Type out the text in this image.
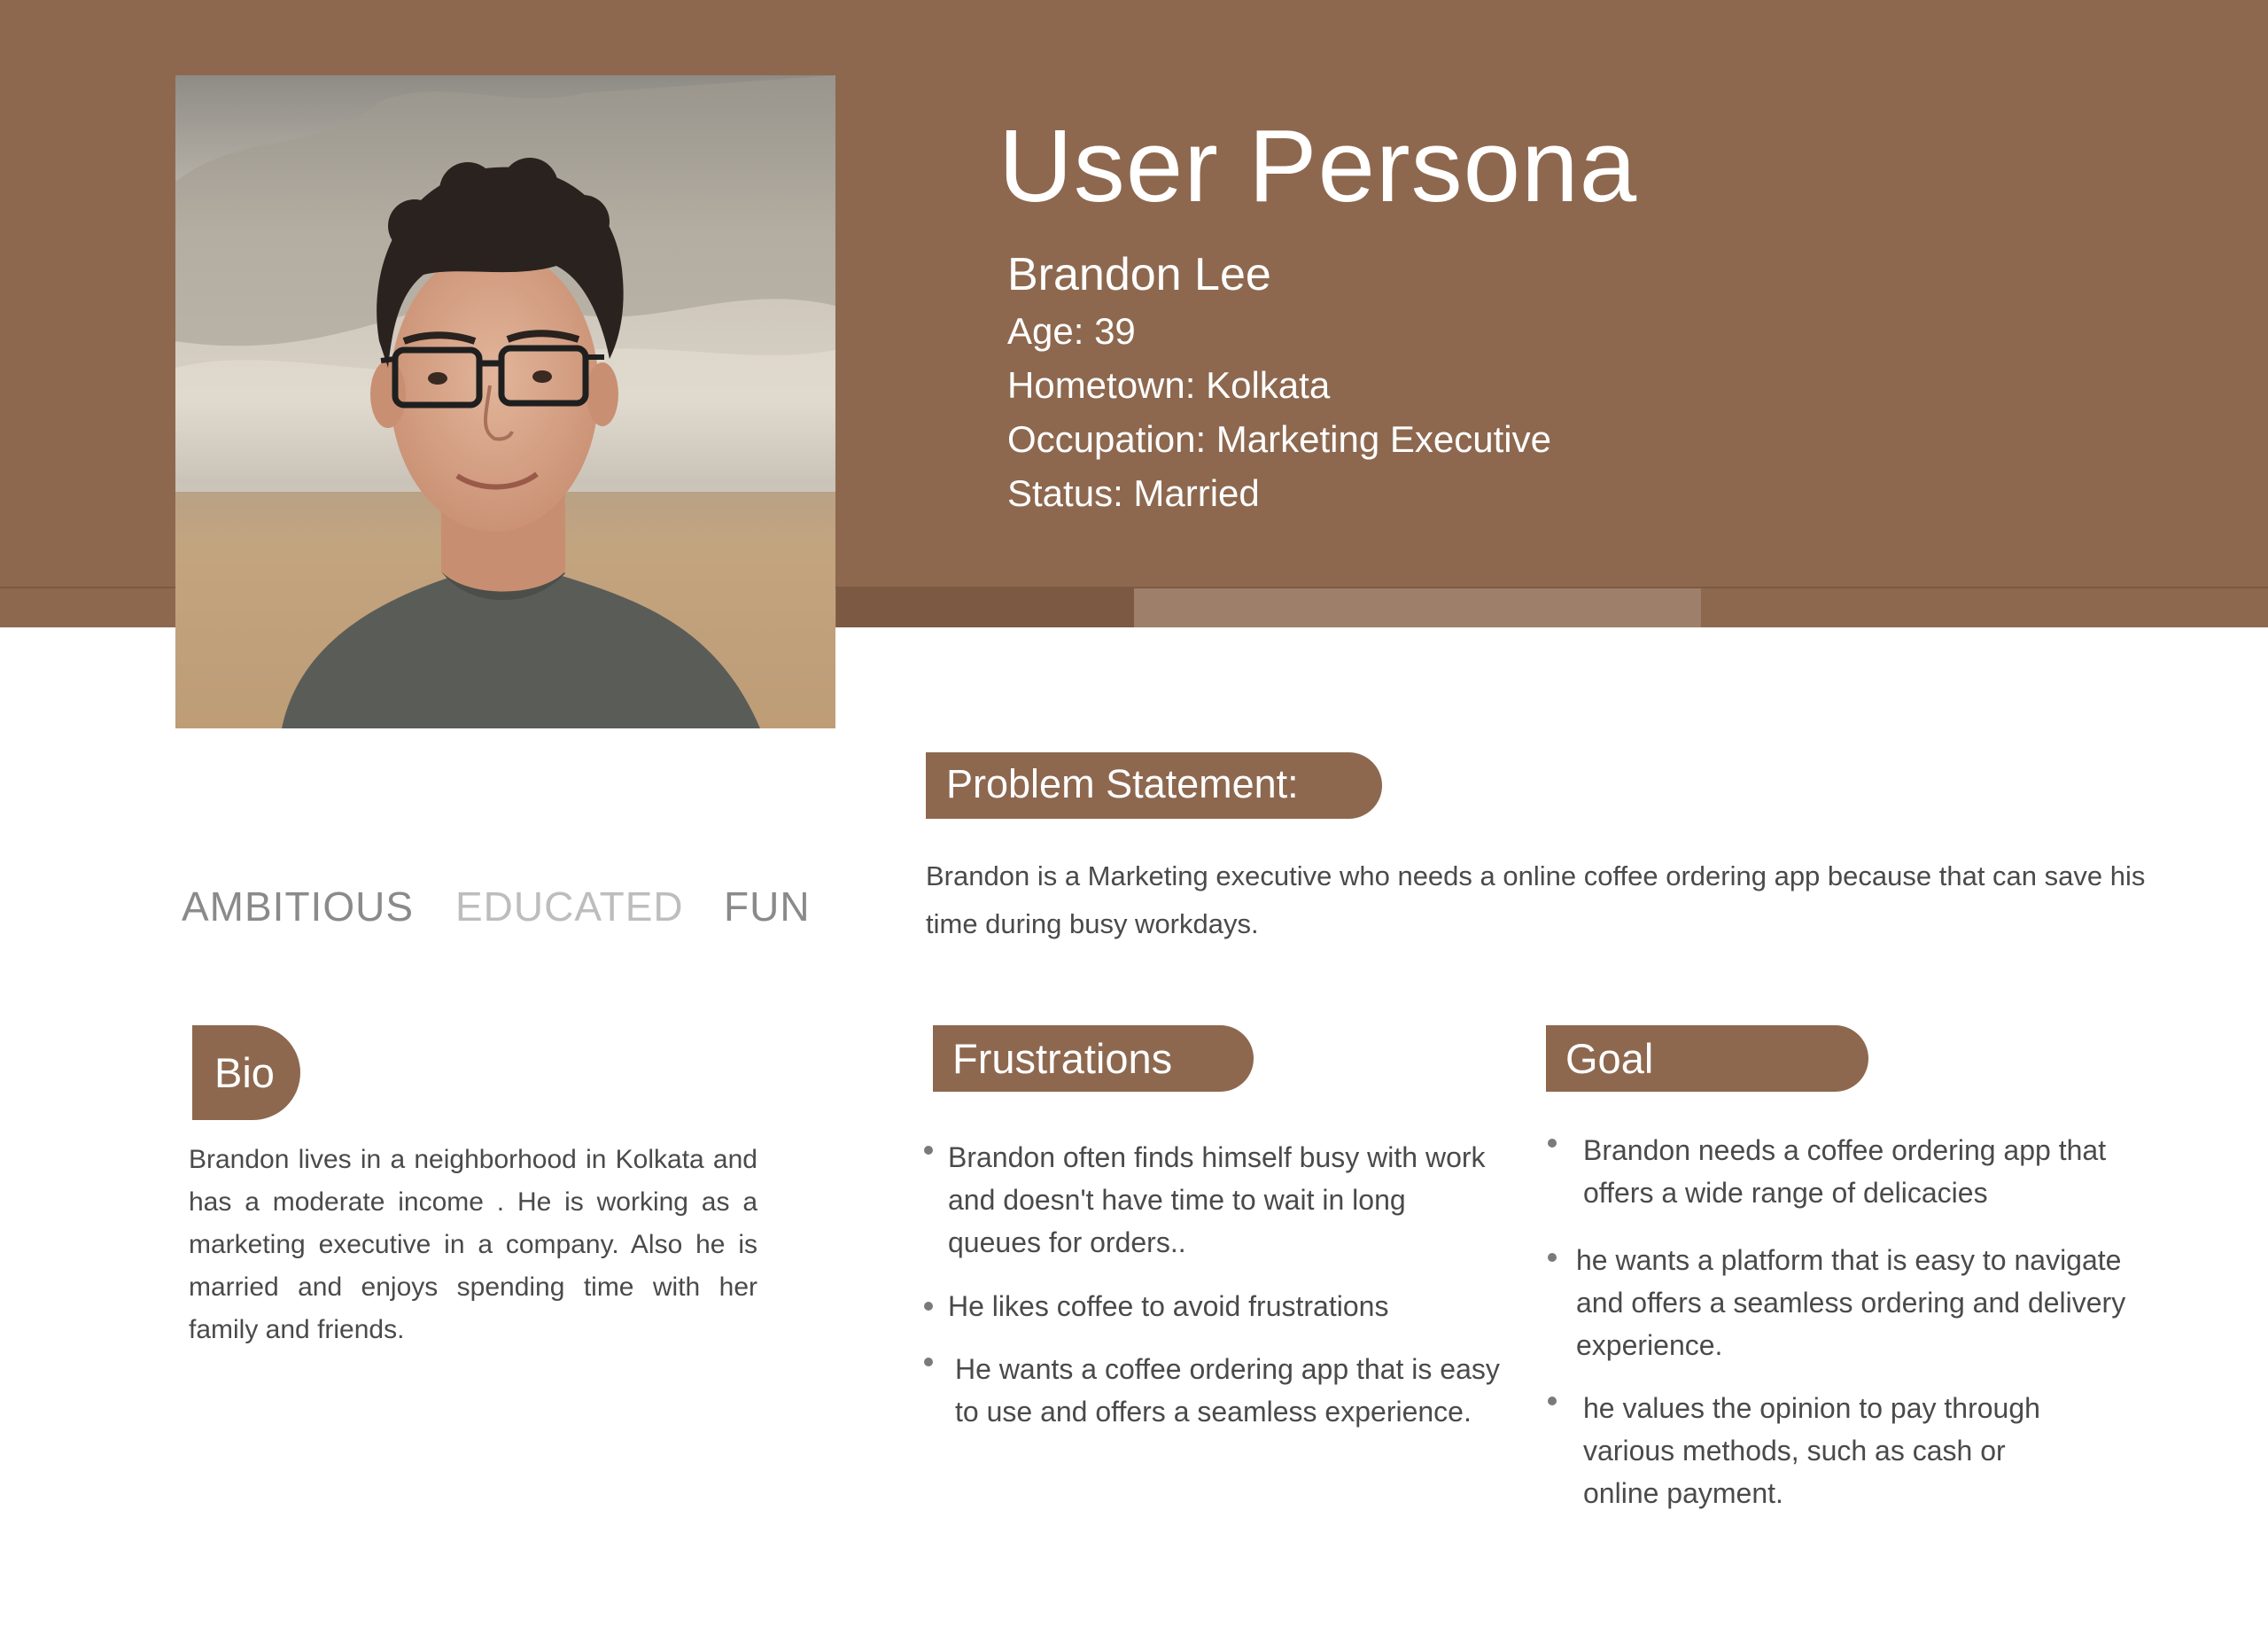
User Persona
Brandon Lee
Age: 39
Hometown: Kolkata
Occupation: Marketing Executive
Status: Married
AMBITIOUS EDUCATED FUN
Problem Statement:
Brandon is a Marketing executive who needs a online coffee ordering app because that can save his time during busy workdays.
Bio
Brandon lives in a neighborhood in Kolkata and has a moderate income . He is working as a marketing executive in a company. Also he is married and enjoys spending time with her family and friends.
Frustrations
Brandon often finds himself busy with work and doesn't have time to wait in long queues for orders..
He likes coffee to avoid frustrations
He wants a coffee ordering app that is easy to use and offers a seamless experience.
Goal
Brandon needs a coffee ordering app that offers a wide range of delicacies
he wants a platform that is easy to navigate and offers a seamless ordering and delivery experience.
he values the opinion to pay through various methods, such as cash or online payment.
